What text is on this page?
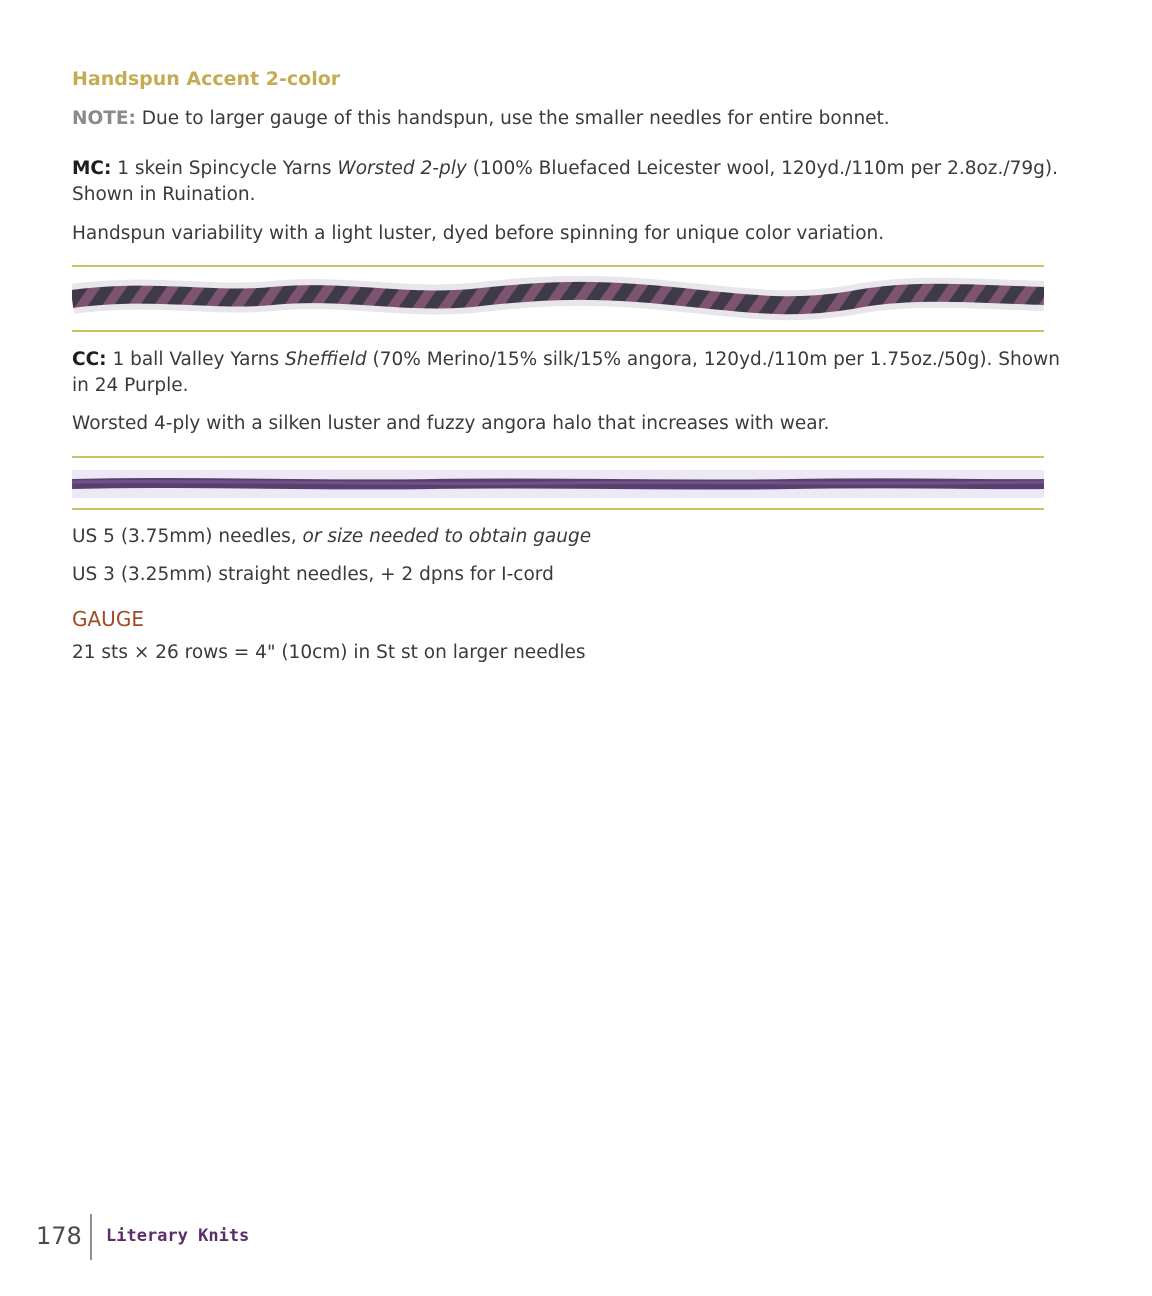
Handspun Accent 2-color

NOTE: Due to larger gauge of this handspun, use the smaller needles for entire bonnet.

MC: 1 skein Spincycle Yarns Worsted 2-ply (100% Bluefaced Leicester wool, 120yd./110m per 2.8oz./79g). Shown in Ruination.

Handspun variability with a light luster, dyed before spinning for unique color variation.

CC: 1 ball Valley Yarns Sheffield (70% Merino/15% silk/15% angora, 120yd./110m per 1.75oz./50g). Shown in 24 Purple.

Worsted 4-ply with a silken luster and fuzzy angora halo that increases with wear.

US 5 (3.75mm) needles, or size needed to obtain gauge

US 3 (3.25mm) straight needles, + 2 dpns for I-cord

GAUGE

21 sts × 26 rows = 4" (10cm) in St st on larger needles

178 Literary Knits
